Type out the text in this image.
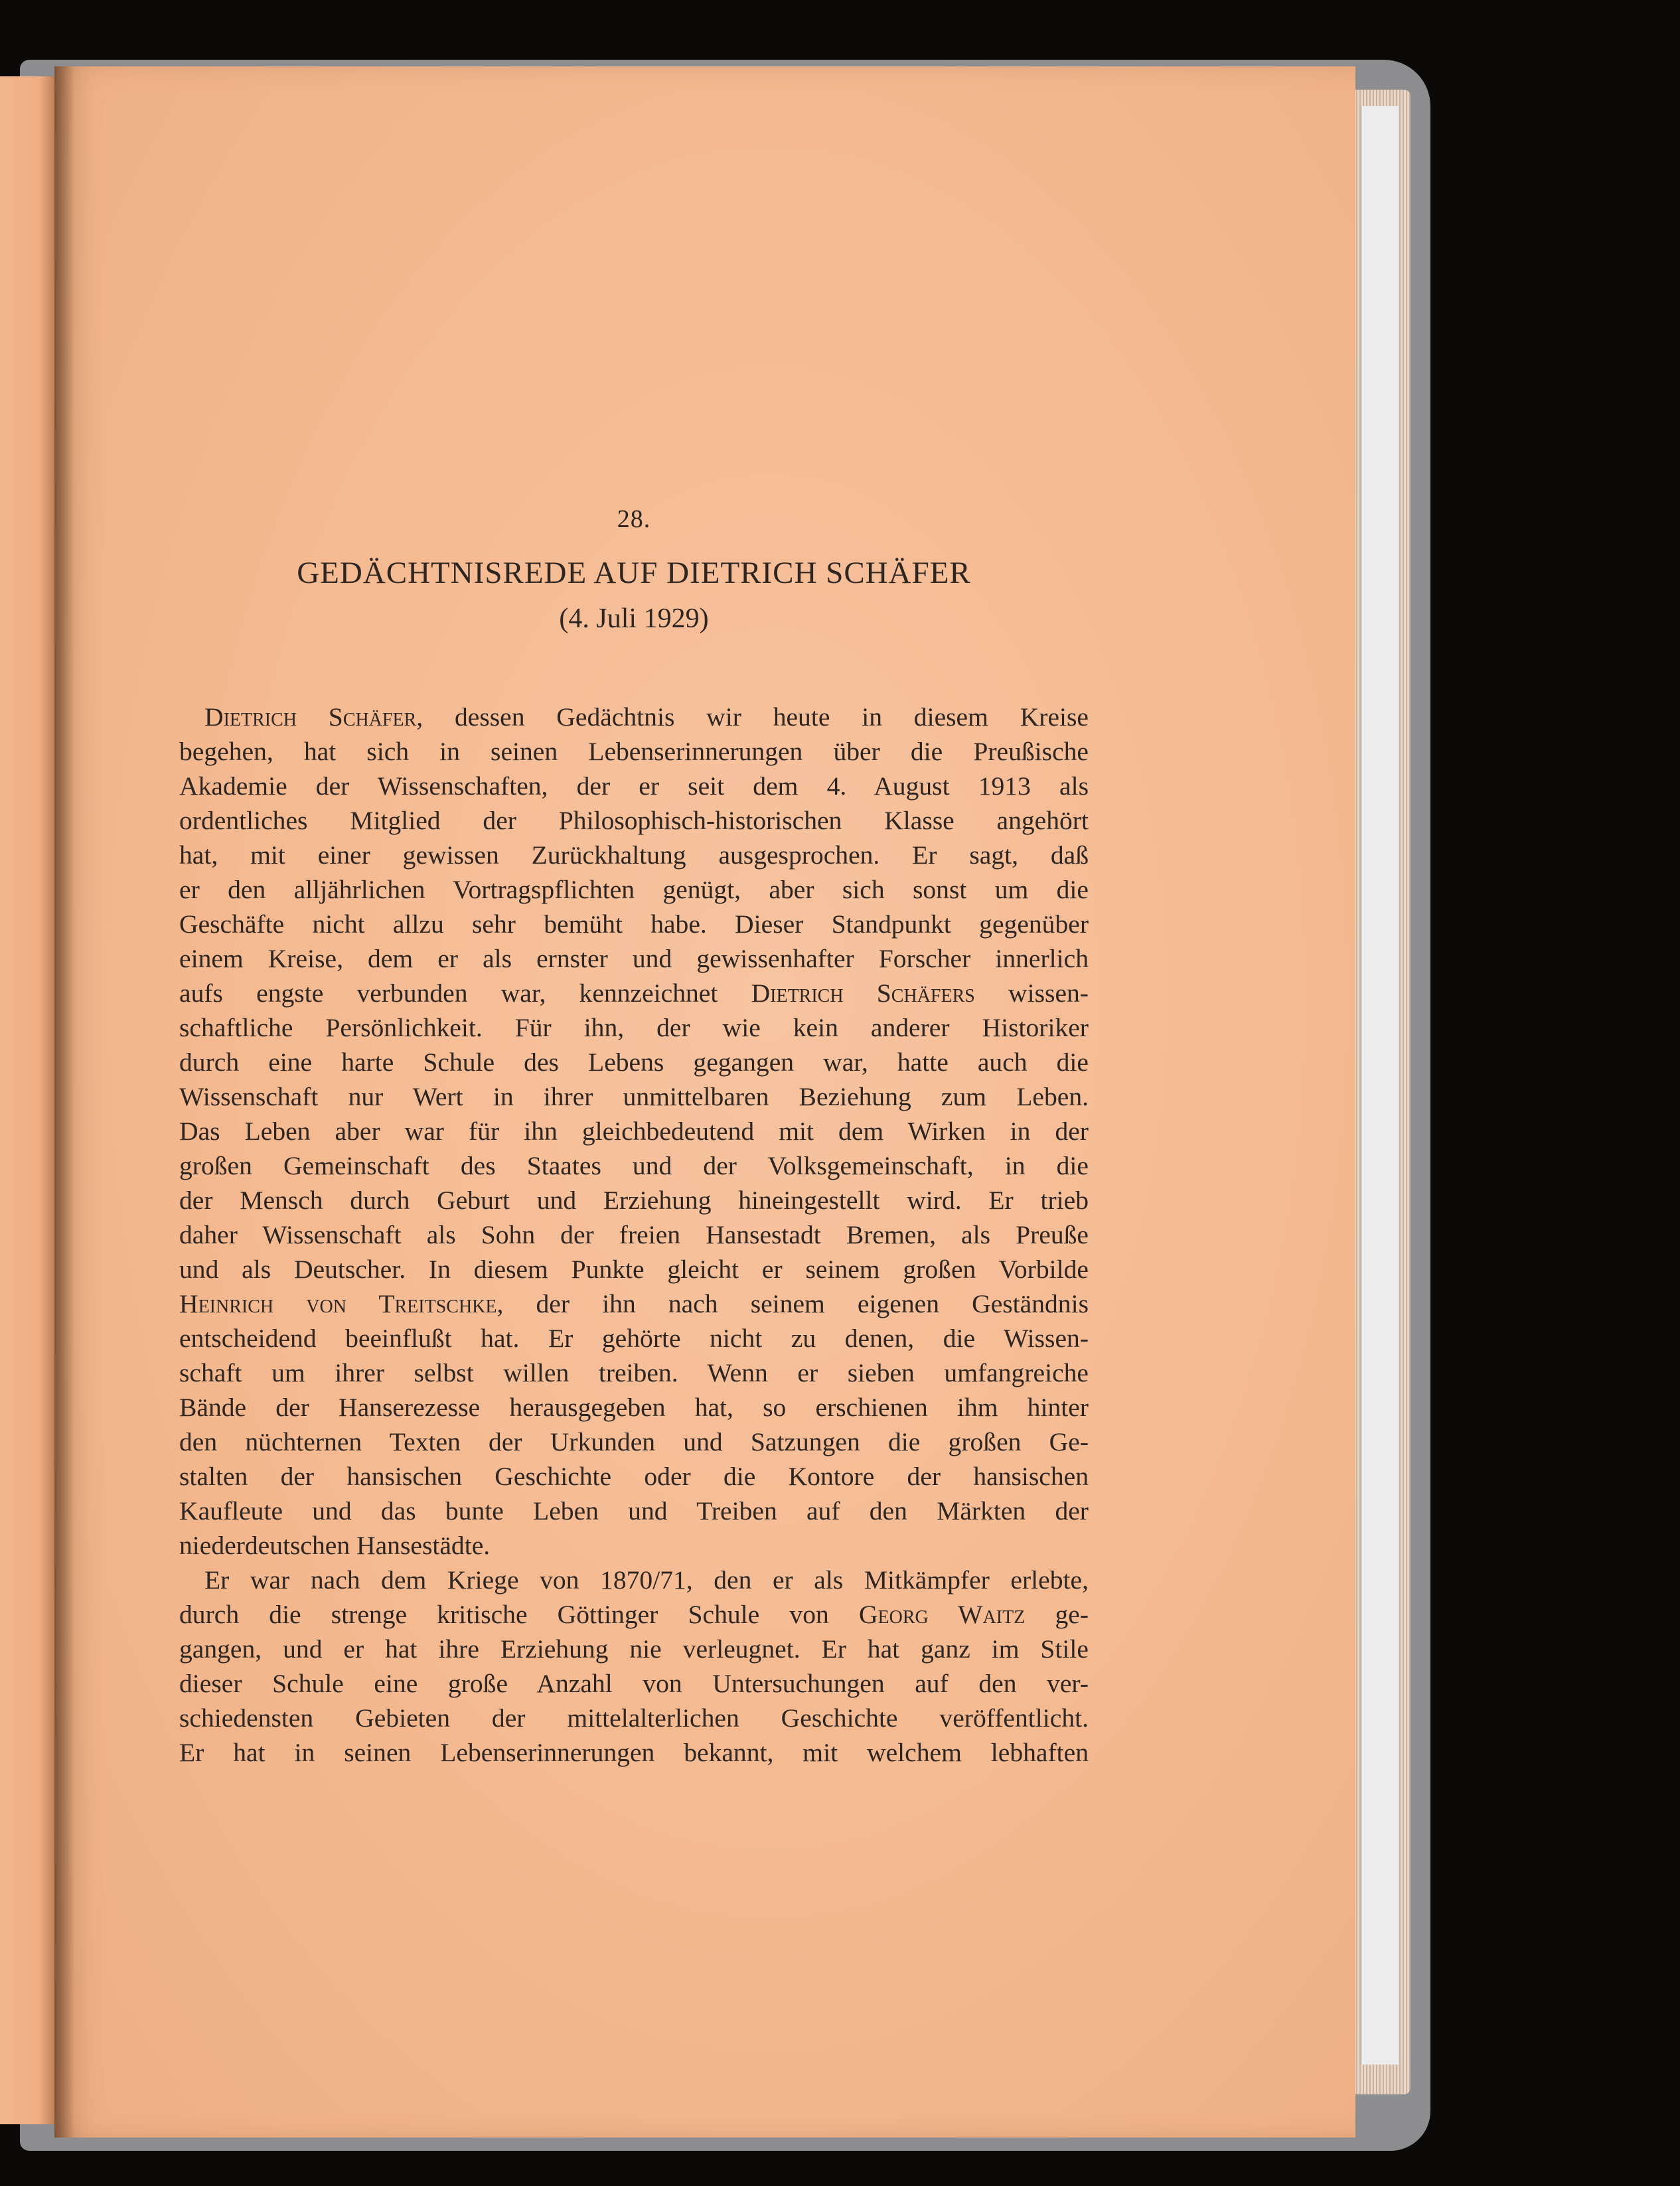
28.
GEDÄCHTNISREDE AUF DIETRICH SCHÄFER
(4. Juli 1929)
Dietrich Schäfer, dessen Gedächtnis wir heute in diesem Kreise
begehen, hat sich in seinen Lebenserinnerungen über die Preußische
Akademie der Wissenschaften, der er seit dem 4. August 1913 als
ordentliches Mitglied der Philosophisch-historischen Klasse angehört
hat, mit einer gewissen Zurückhaltung ausgesprochen. Er sagt, daß
er den alljährlichen Vortragspflichten genügt, aber sich sonst um die
Geschäfte nicht allzu sehr bemüht habe. Dieser Standpunkt gegenüber
einem Kreise, dem er als ernster und gewissenhafter Forscher innerlich
aufs engste verbunden war, kennzeichnet Dietrich Schäfers wissen-
schaftliche Persönlichkeit. Für ihn, der wie kein anderer Historiker
durch eine harte Schule des Lebens gegangen war, hatte auch die
Wissenschaft nur Wert in ihrer unmittelbaren Beziehung zum Leben.
Das Leben aber war für ihn gleichbedeutend mit dem Wirken in der
großen Gemeinschaft des Staates und der Volksgemeinschaft, in die
der Mensch durch Geburt und Erziehung hineingestellt wird. Er trieb
daher Wissenschaft als Sohn der freien Hansestadt Bremen, als Preuße
und als Deutscher. In diesem Punkte gleicht er seinem großen Vorbilde
Heinrich von Treitschke, der ihn nach seinem eigenen Geständnis
entscheidend beeinflußt hat. Er gehörte nicht zu denen, die Wissen-
schaft um ihrer selbst willen treiben. Wenn er sieben umfangreiche
Bände der Hanserezesse herausgegeben hat, so erschienen ihm hinter
den nüchternen Texten der Urkunden und Satzungen die großen Ge-
stalten der hansischen Geschichte oder die Kontore der hansischen
Kaufleute und das bunte Leben und Treiben auf den Märkten der
niederdeutschen Hansestädte.
Er war nach dem Kriege von 1870/71, den er als Mitkämpfer erlebte,
durch die strenge kritische Göttinger Schule von Georg Waitz ge-
gangen, und er hat ihre Erziehung nie verleugnet. Er hat ganz im Stile
dieser Schule eine große Anzahl von Untersuchungen auf den ver-
schiedensten Gebieten der mittelalterlichen Geschichte veröffentlicht.
Er hat in seinen Lebenserinnerungen bekannt, mit welchem lebhaften
